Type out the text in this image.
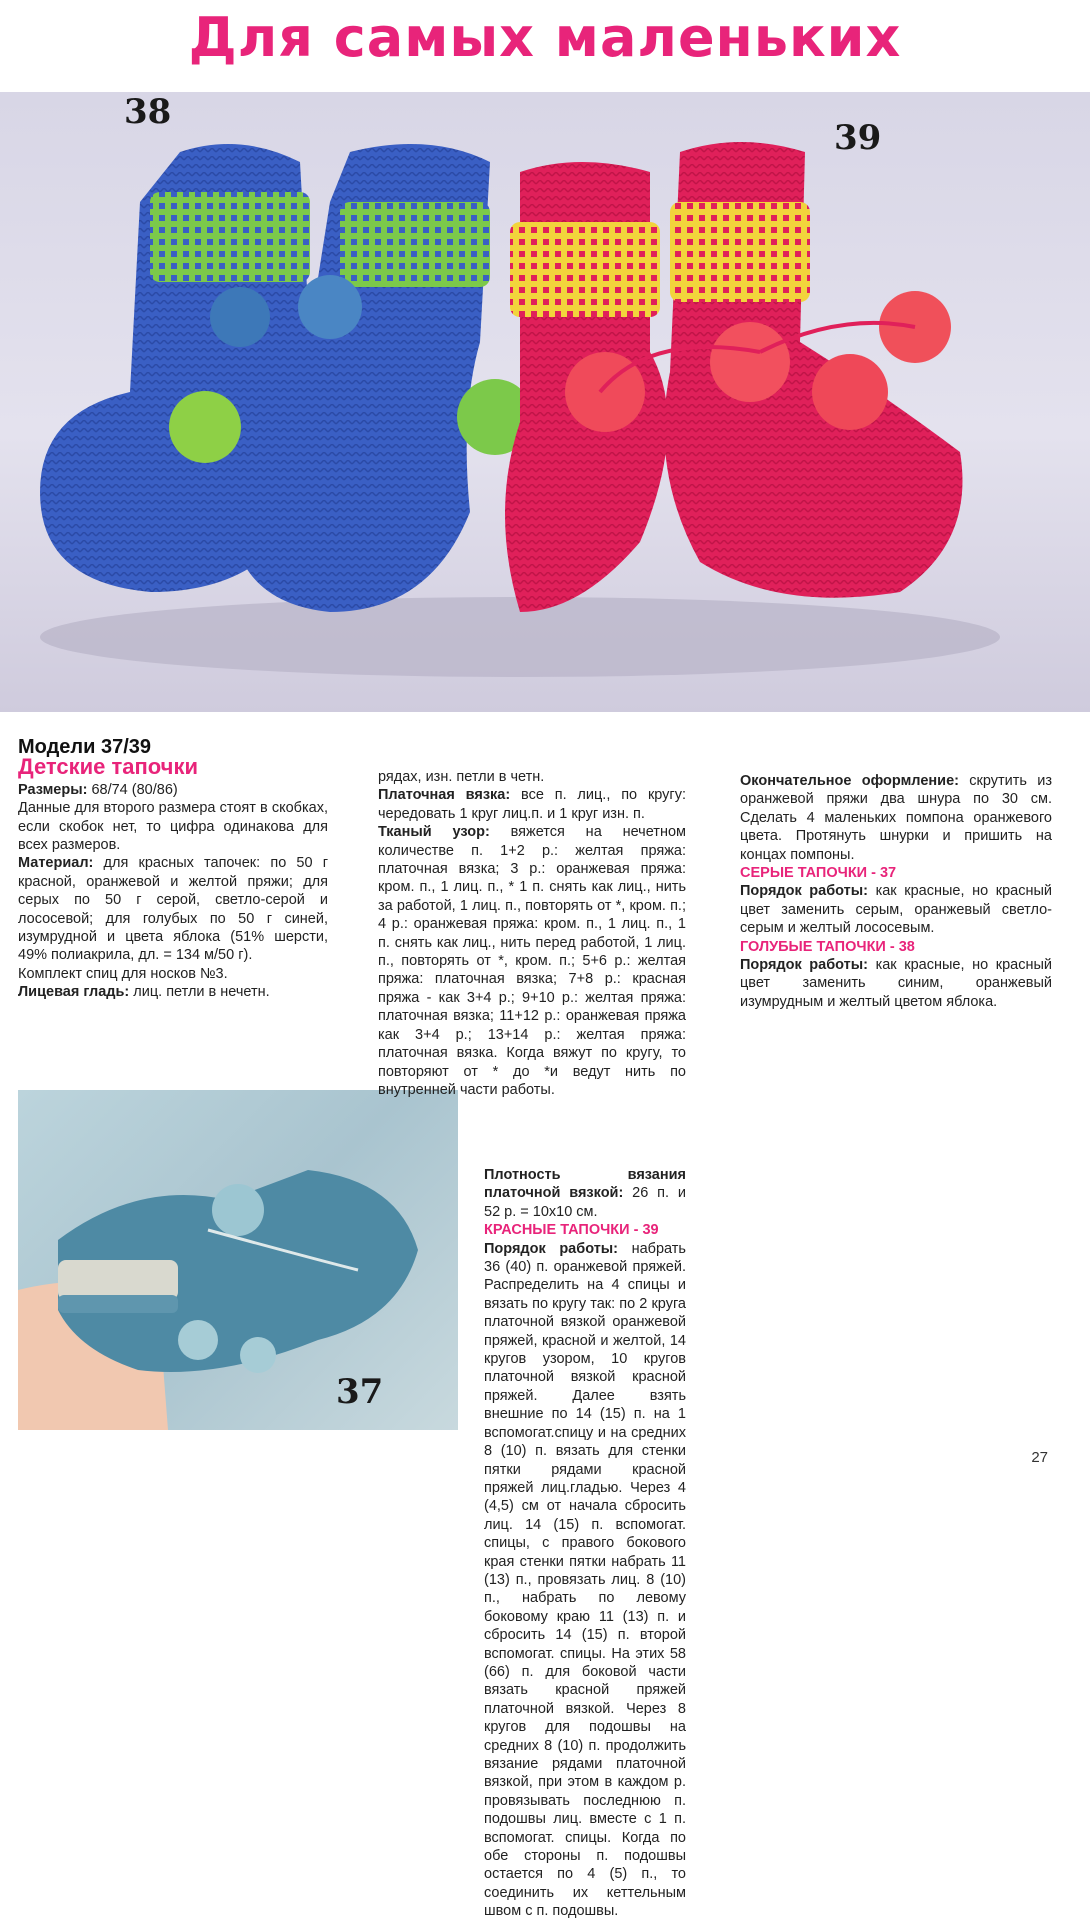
Для самых маленьких
38
39
Модели 37/39
Детские тапочки

Размеры: 68/74 (80/86)

Данные для второго размера стоят в скобках, если скобок нет, то цифра одинакова для всех размеров.

Материал: для красных тапочек: по 50 г красной, оранжевой и желтой пряжи; для серых по 50 г серой, светло-серой и лососевой; для голубых по 50 г синей, изумрудной и цвета яблока (51% шерсти, 49% полиакрила, дл. = 134 м/50 г).

Комплект спиц для носков №3.

Лицевая гладь: лиц. петли в нечетн.

37

рядах, изн. петли в четн.

Платочная вязка: все п. лиц., по кругу: чередовать 1 круг лиц.п. и 1 круг изн. п.

Тканый узор: вяжется на нечетном количестве п. 1+2 р.: желтая пряжа: платочная вязка; 3 р.: оранжевая пряжа: кром. п., 1 лиц. п., * 1 п. снять как лиц., нить за работой, 1 лиц. п., повторять от *, кром. п.; 4 р.: оранжевая пряжа: кром. п., 1 лиц. п., 1 п. снять как лиц., нить перед работой, 1 лиц. п., повторять от *, кром. п.; 5+6 р.: желтая пряжа: платочная вязка; 7+8 р.: красная пряжа - как 3+4 р.; 9+10 р.: желтая пряжа: платочная вязка; 11+12 р.: оранжевая пряжа как 3+4 р.; 13+14 р.: желтая пряжа: платочная вязка. Когда вяжут по кругу, то повторяют от * до *и ведут нить по внутренней части работы.

Плотность вязания платочной вязкой: 26 п. и 52 р. = 10x10 см.

КРАСНЫЕ ТАПОЧКИ - 39

Порядок работы: набрать 36 (40) п. оранжевой пряжей. Распределить на 4 спицы и вязать по кругу так: по 2 круга платочной вязкой оранжевой пряжей, красной и желтой, 14 кругов узором, 10 кругов платочной вязкой красной пряжей. Далее взять внешние по 14 (15) п. на 1 вспомогат.спицу и на средних 8 (10) п. вязать для стенки пятки рядами красной пряжей лиц.гладью. Через 4 (4,5) см от начала сбросить лиц. 14 (15) п. вспомогат. спицы, с правого бокового края стенки пятки набрать 11 (13) п., провязать лиц. 8 (10) п., набрать по левому боковому краю 11 (13) п. и сбросить 14 (15) п. второй вспомогат. спицы. На этих 58 (66) п. для боковой части вязать красной пряжей платочной вязкой. Через 8 кругов для подошвы на средних 8 (10) п. продолжить вязание рядами платочной вязкой, при этом в каждом р. провязывать последнюю п. подошвы лиц. вместе с 1 п. вспомогат. спицы. Когда по обе стороны п. подошвы остается по 4 (5) п., то соединить их кеттельным швом с п. подошвы.

Окончательное оформление: скрутить из оранжевой пряжи два шнура по 30 см. Сделать 4 маленьких помпона оранжевого цвета. Протянуть шнурки и пришить на концах помпоны.

СЕРЫЕ ТАПОЧКИ - 37

Порядок работы: как красные, но красный цвет заменить серым, оранжевый светло-серым и желтый лососевым.

ГОЛУБЫЕ ТАПОЧКИ - 38

Порядок работы: как красные, но красный цвет заменить синим, оранжевый изумрудным и желтый цветом яблока.

27
